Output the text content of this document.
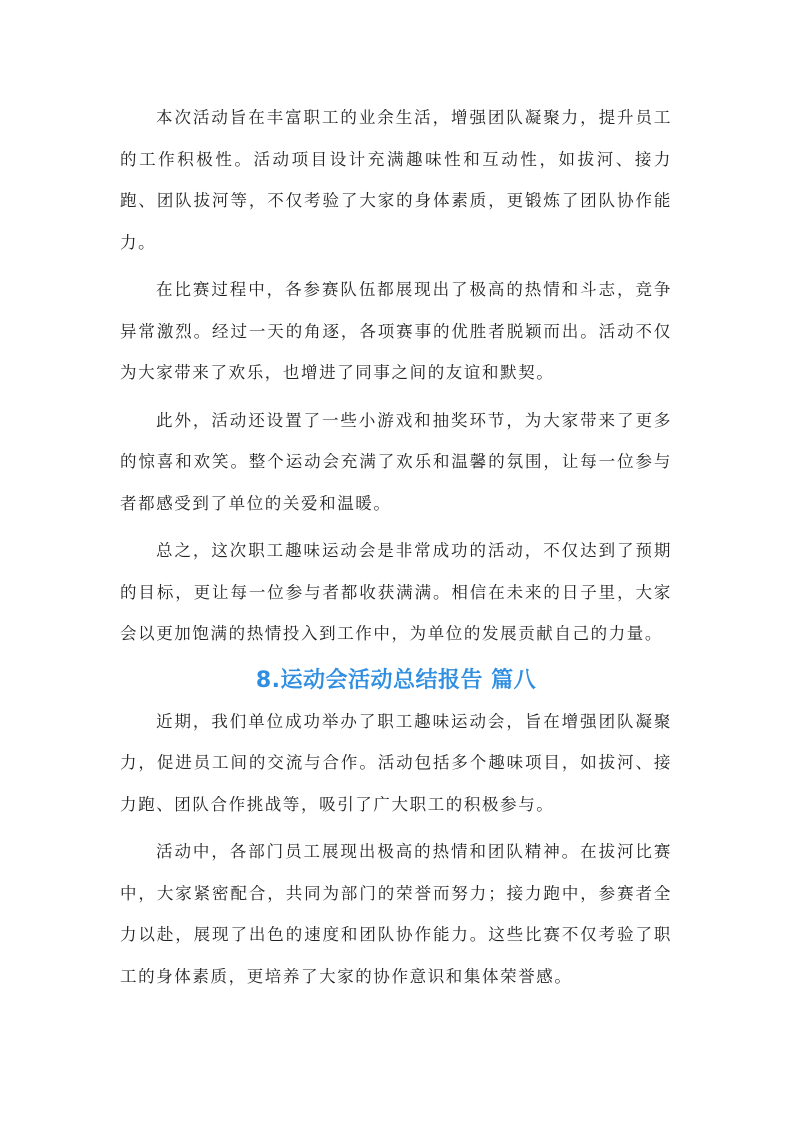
本次活动旨在丰富职工的业余生活，增强团队凝聚力，提升员工的工作积极性。活动项目设计充满趣味性和互动性，如拔河、接力跑、团队拔河等，不仅考验了大家的身体素质，更锻炼了团队协作能力。

在比赛过程中，各参赛队伍都展现出了极高的热情和斗志，竞争异常激烈。经过一天的角逐，各项赛事的优胜者脱颖而出。活动不仅为大家带来了欢乐，也增进了同事之间的友谊和默契。

此外，活动还设置了一些小游戏和抽奖环节，为大家带来了更多的惊喜和欢笑。整个运动会充满了欢乐和温馨的氛围，让每一位参与者都感受到了单位的关爱和温暖。

总之，这次职工趣味运动会是非常成功的活动，不仅达到了预期的目标，更让每一位参与者都收获满满。相信在未来的日子里，大家会以更加饱满的热情投入到工作中，为单位的发展贡献自己的力量。

8.运动会活动总结报告 篇八

近期，我们单位成功举办了职工趣味运动会，旨在增强团队凝聚力，促进员工间的交流与合作。活动包括多个趣味项目，如拔河、接力跑、团队合作挑战等，吸引了广大职工的积极参与。

活动中，各部门员工展现出极高的热情和团队精神。在拔河比赛中，大家紧密配合，共同为部门的荣誉而努力；接力跑中，参赛者全力以赴，展现了出色的速度和团队协作能力。这些比赛不仅考验了职工的身体素质，更培养了大家的协作意识和集体荣誉感。
